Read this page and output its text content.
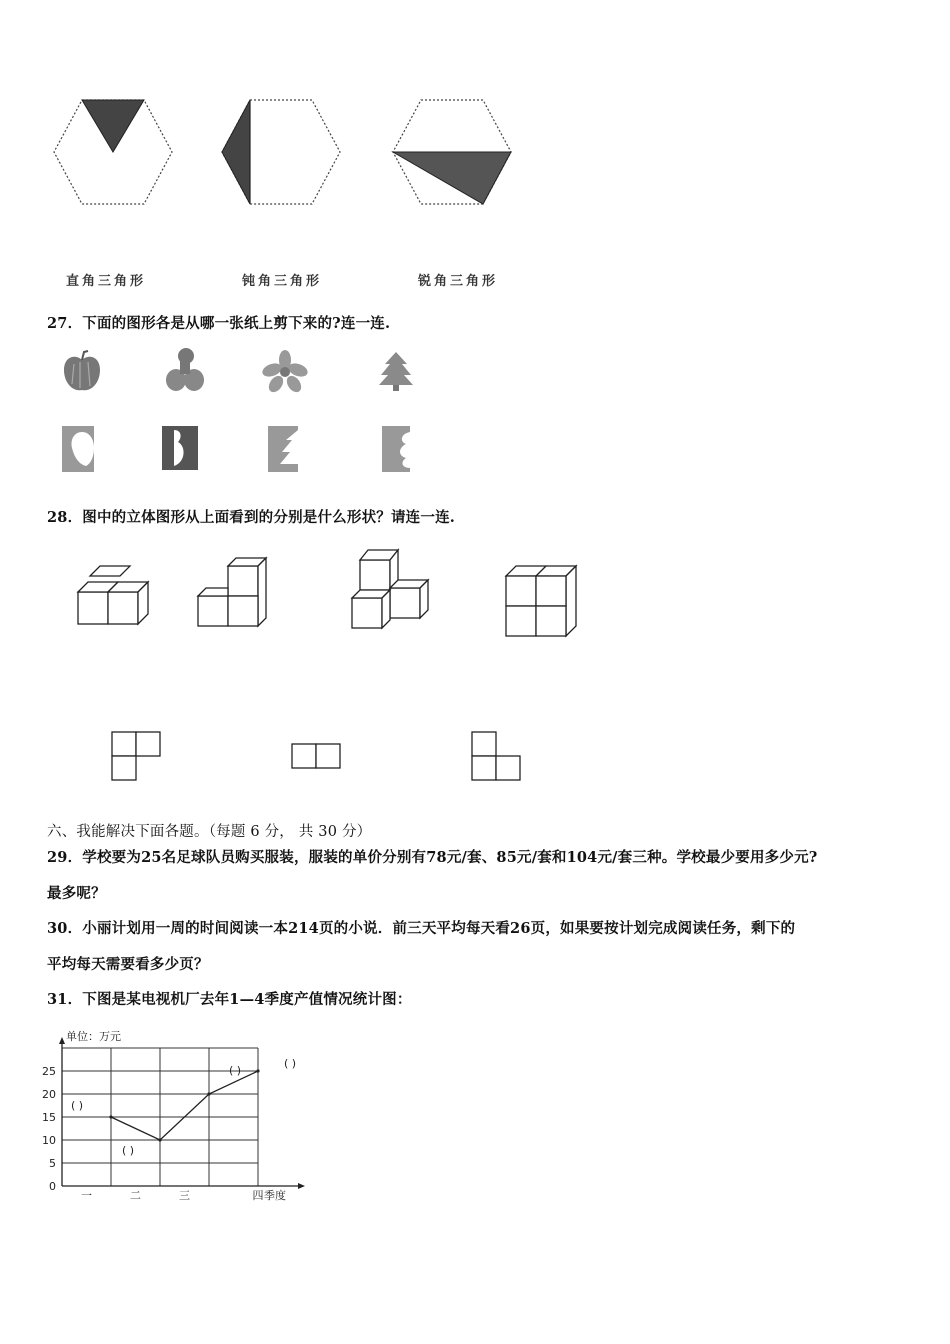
直角三角形	钝角三角形	锐角三角形
27．下面的图形各是从哪一张纸上剪下来的?连一连.
28．图中的立体图形从上面看到的分别是什么形状？请连一连.
六、我能解决下面各题。（每题 6 分， 共 30 分）
29．学校要为25名足球队员购买服装，服装的单价分别有78元/套、85元/套和104元/套三种。学校最少要用多少元?
最多呢？
30．小丽计划用一周的时间阅读一本214页的小说．前三天平均每天看26页，如果要按计划完成阅读任务，剩下的
平均每天需要看多少页？
31．下图是某电视机厂去年1—4季度产值情况统计图：
单位：万元
季度
0
5
10
15
20
25
一	二	三	四
( )
( )
( )
( )
